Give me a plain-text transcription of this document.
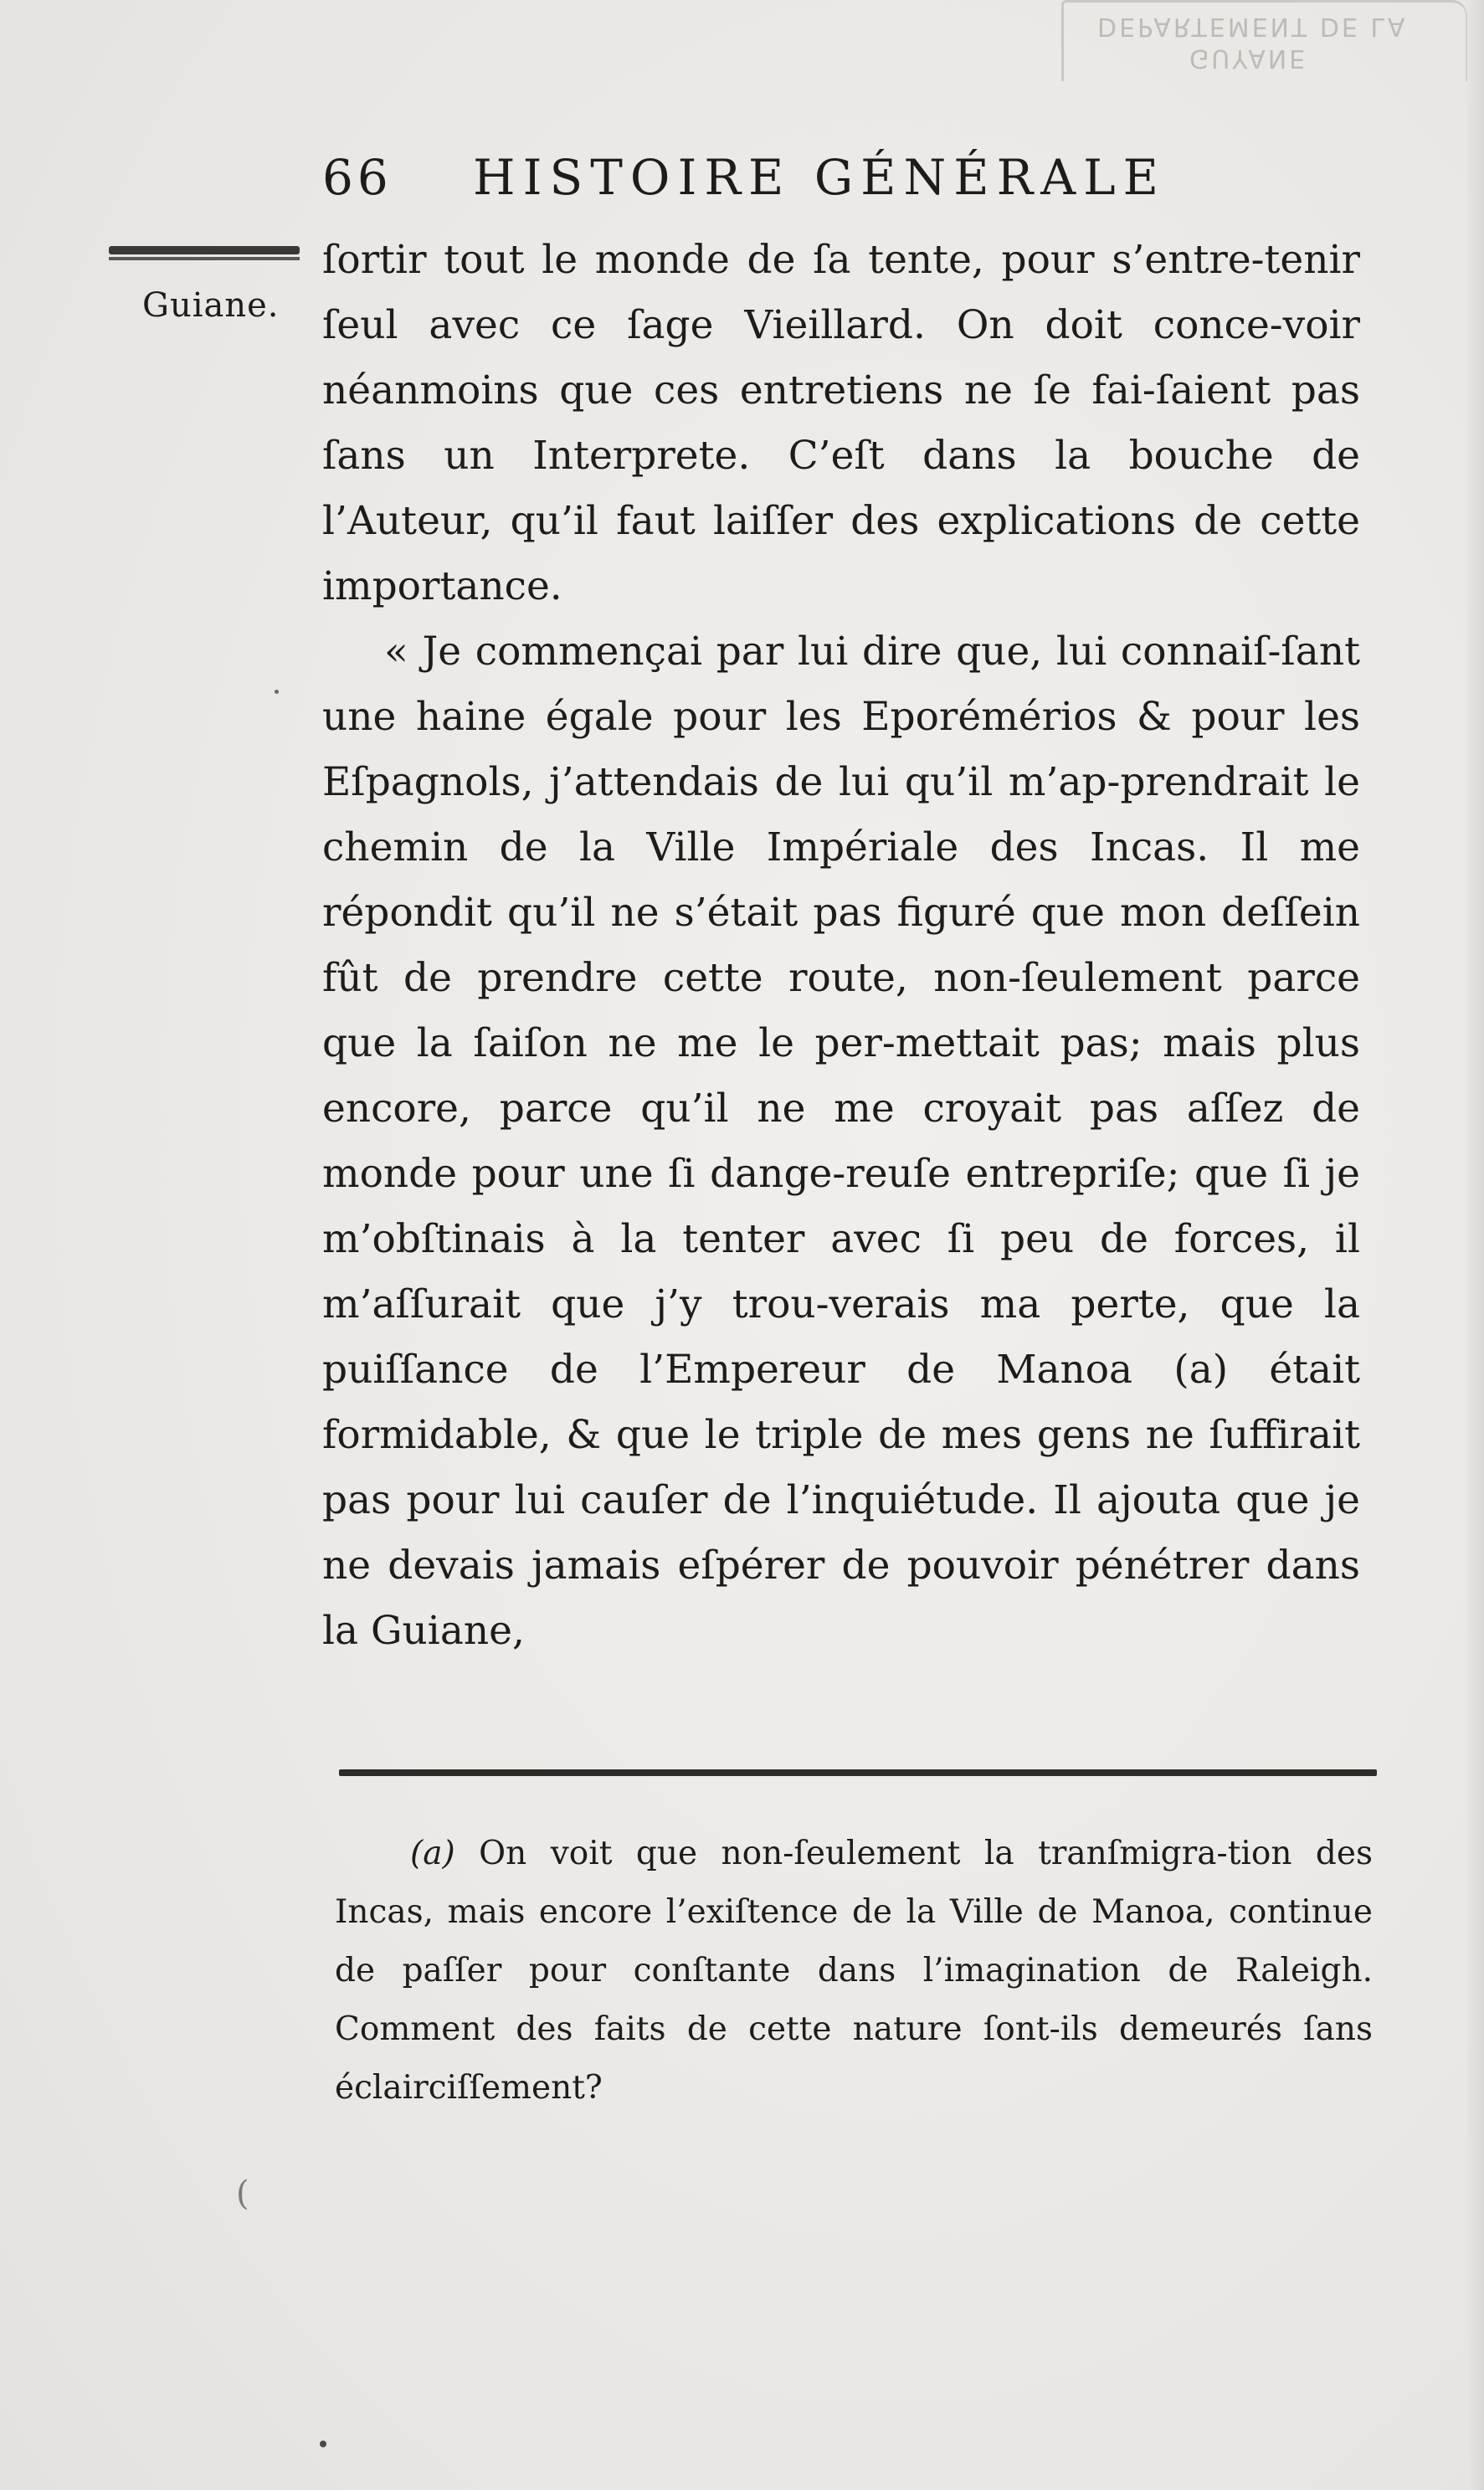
DEPARTEMENT DE LA
GUYANE
66 HISTOIRE GÉNÉRALE
Guiane.

ſortir tout le monde de ſa tente, pour s’entre-tenir ſeul avec ce ſage Vieillard. On doit conce-voir néanmoins que ces entretiens ne ſe fai-ſaient pas ſans un Interprete. C’eſt dans la bouche de l’Auteur, qu’il faut laiſſer des explications de cette importance.

« Je commençai par lui dire que, lui connaiſ-ſant une haine égale pour les Eporémérios & pour les Eſpagnols, j’attendais de lui qu’il m’ap-prendrait le chemin de la Ville Impériale des Incas. Il me répondit qu’il ne s’était pas figuré que mon deſſein fût de prendre cette route, non-ſeulement parce que la ſaiſon ne me le per-mettait pas; mais plus encore, parce qu’il ne me croyait pas aſſez de monde pour une ſi dange-reuſe entrepriſe; que ſi je m’obſtinais à la tenter avec ſi peu de forces, il m’aſſurait que j’y trou-verais ma perte, que la puiſſance de l’Empereur de Manoa (a) était formidable, & que le triple de mes gens ne ſuffirait pas pour lui cauſer de l’inquiétude. Il ajouta que je ne devais jamais eſpérer de pouvoir pénétrer dans la Guiane,

(a) On voit que non-ſeulement la tranſmigra-tion des Incas, mais encore l’exiſtence de la Ville de Manoa, continue de paſſer pour conſtante dans l’imagination de Raleigh. Comment des faits de cette nature ſont-ils demeurés ſans éclairciſſement?

(
